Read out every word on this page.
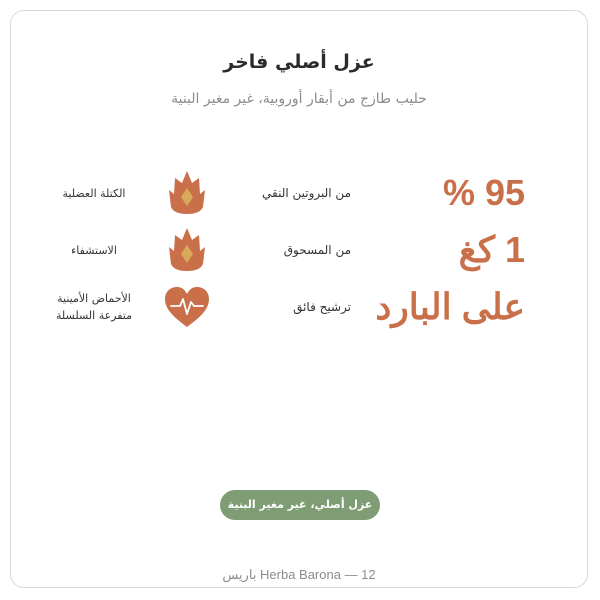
عزل أصلي فاخر
حليب طازج من أبقار أوروبية، غير مغير البنية
95 %
من البروتين النقي
الكتلة العضلية
1 كغ
من المسحوق
الاستشفاء
على البارد
ترشيح فائق
الأحماض الأمينية
متفرعة السلسلة
عزل أصلي، غير مغير البنية
Herba Barona — 12 باريس
